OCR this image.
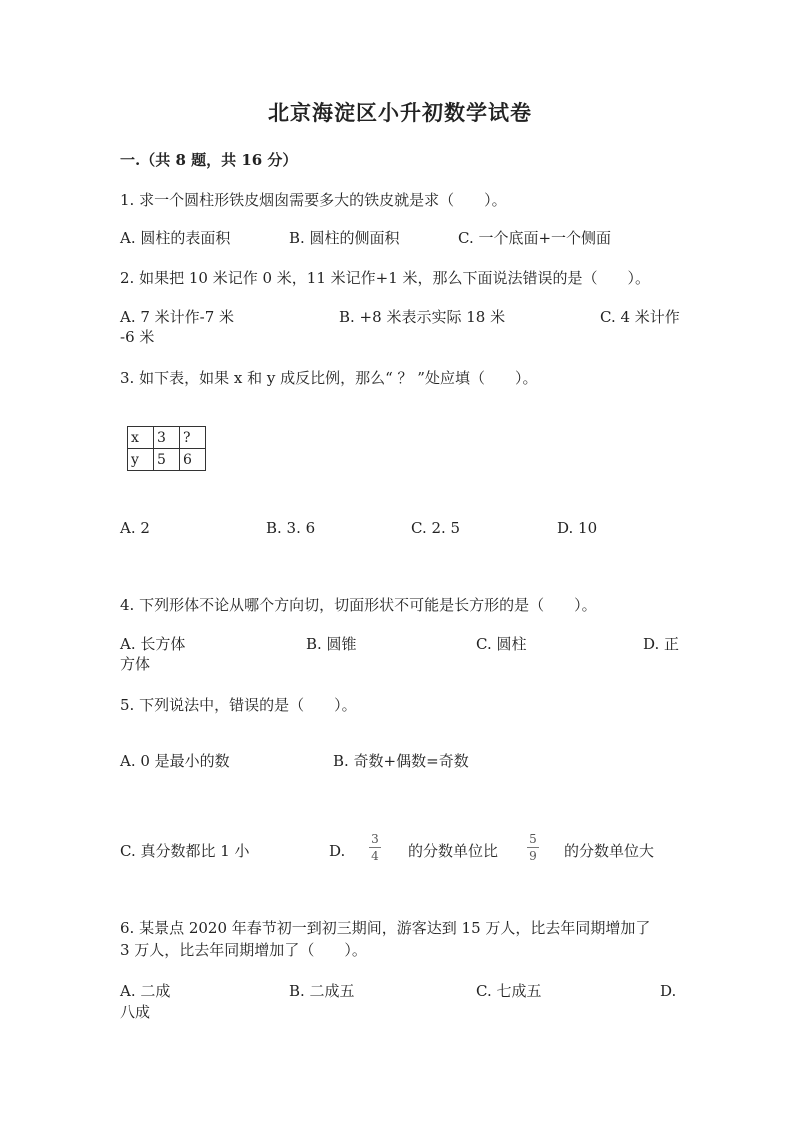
北京海淀区小升初数学试卷
一.（共 8 题，共 16 分）
1. 求一个圆柱形铁皮烟囱需要多大的铁皮就是求（　　）。
A. 圆柱的表面积	B. 圆柱的侧面积	C. 一个底面+一个侧面
2. 如果把 10 米记作 0 米，11 米记作+1 米，那么下面说法错误的是（　　）。
A. 7 米计作-7 米	B. +8 米表示实际 18 米	C. 4 米计作
-6 米
3. 如下表，如果 x 和 y 成反比例，那么“ ？ ”处应填（　　）。
x	3	?
y	5	6
A. 2	B. 3. 6	C. 2. 5	D. 10
4. 下列形体不论从哪个方向切，切面形状不可能是长方形的是（　　）。
A. 长方体	B. 圆锥	C. 圆柱	D. 正
方体
5. 下列说法中，错误的是（　　）。
A. 0 是最小的数	B. 奇数+偶数=奇数
C. 真分数都比 1 小	D.
3
4 的分数单位比
5
9 的分数单位大
6. 某景点 2020 年春节初一到初三期间，游客达到 15 万人，比去年同期增加了
3 万人，比去年同期增加了（　　）。
A. 二成	B. 二成五	C. 七成五	D.
八成
